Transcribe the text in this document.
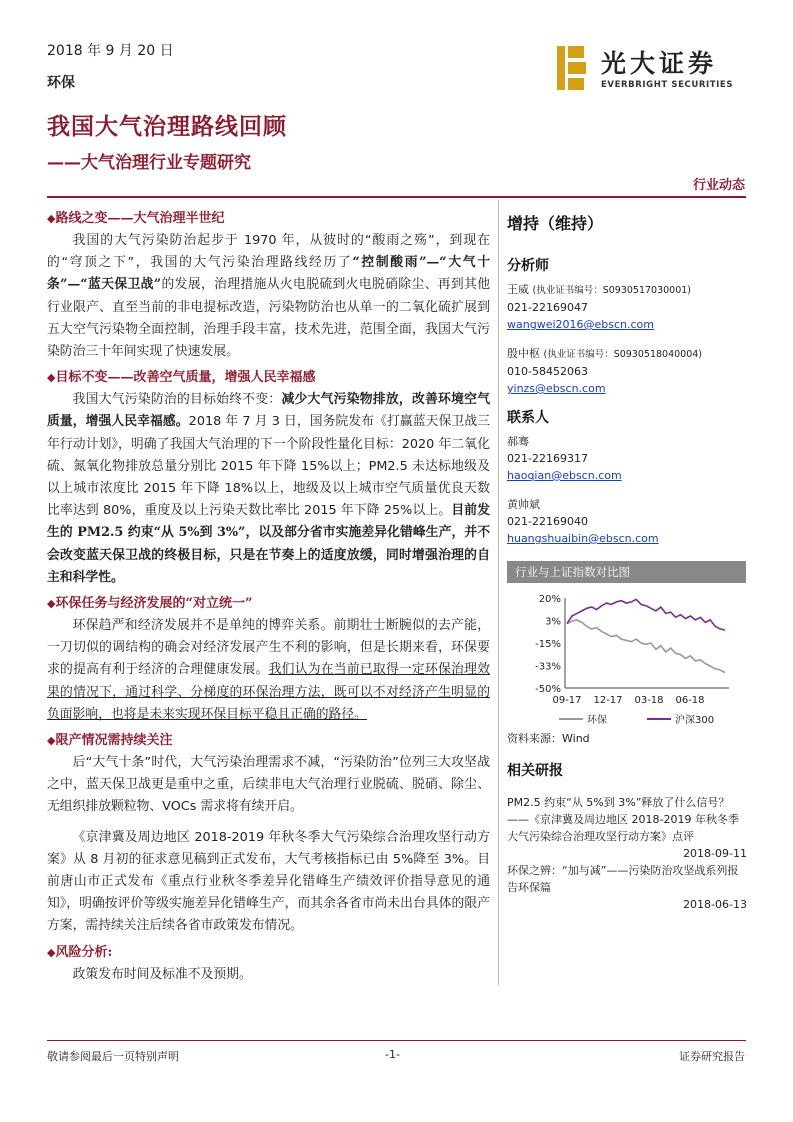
2018 年 9 月 20 日
环保
我国大气治理路线回顾
——大气治理行业专题研究
行业动态
光大证券
EVERBRIGHT SECURITIES
◆路线之变——大气治理半世纪

我国的大气污染防治起步于 1970 年，从彼时的“酸雨之殇”，到现在的“穹顶之下”，我国的大气污染治理路线经历了“控制酸雨”—“大气十条”—“蓝天保卫战”的发展，治理措施从火电脱硫到火电脱硝除尘、再到其他行业限产、直至当前的非电提标改造，污染物防治也从单一的二氧化硫扩展到五大空气污染物全面控制，治理手段丰富，技术先进，范围全面，我国大气污染防治三十年间实现了快速发展。

◆目标不变——改善空气质量，增强人民幸福感

我国大气污染防治的目标始终不变：减少大气污染物排放，改善环境空气质量，增强人民幸福感。2018 年 7 月 3 日，国务院发布《打赢蓝天保卫战三年行动计划》，明确了我国大气治理的下一个阶段性量化目标：2020 年二氧化硫、氮氧化物排放总量分别比 2015 年下降 15%以上；PM2.5 未达标地级及以上城市浓度比 2015 年下降 18%以上，地级及以上城市空气质量优良天数比率达到 80%，重度及以上污染天数比率比 2015 年下降 25%以上。目前发生的 PM2.5 约束“从 5%到 3%”，以及部分省市实施差异化错峰生产，并不会改变蓝天保卫战的终极目标，只是在节奏上的适度放缓，同时增强治理的自主和科学性。

◆环保任务与经济发展的“对立统一”

环保趋严和经济发展并不是单纯的博弈关系。前期壮士断腕似的去产能，一刀切似的调结构的确会对经济发展产生不利的影响，但是长期来看，环保要求的提高有利于经济的合理健康发展。我们认为在当前已取得一定环保治理效果的情况下，通过科学、分梯度的环保治理方法，既可以不对经济产生明显的负面影响，也将是未来实现环保目标平稳且正确的路径。

◆限产情况需持续关注

后“大气十条”时代，大气污染治理需求不减，“污染防治”位列三大攻坚战之中，蓝天保卫战更是重中之重，后续非电大气治理行业脱硫、脱硝、除尘、无组织排放颗粒物、VOCs 需求将有续开启。

《京津冀及周边地区 2018-2019 年秋冬季大气污染综合治理攻坚行动方案》从 8 月初的征求意见稿到正式发布，大气考核指标已由 5%降至 3%。目前唐山市正式发布《重点行业秋冬季差异化错峰生产绩效评价指导意见的通知》，明确按评价等级实施差异化错峰生产，而其余各省市尚未出台具体的限产方案，需持续关注后续各省市政策发布情况。

◆风险分析:

政策发布时间及标准不及预期。

增持（维持）
分析师
王威 (执业证书编号：S0930517030001)
021-22169047
wangwei2016@ebscn.com
殷中枢 (执业证书编号：S0930518040004)
010-58452063
yinzs@ebscn.com
联系人
郝骞
021-22169317
haoqian@ebscn.com
黄帅斌
021-22169040
huangshuaibin@ebscn.com
行业与上证指数对比图
20%
3%
-15%
-33%
-50%
09-17 12-17 03-18 06-18
环保	沪深300
资料来源：Wind
相关研报
PM2.5 约束“从 5%到 3%”释放了什么信号？——《京津冀及周边地区 2018-2019 年秋冬季大气污染综合治理攻坚行动方案》点评
2018-09-11
环保之辨：“加与减”——污染防治攻坚战系列报告环保篇
2018-06-13
敬请参阅最后一页特别声明	-1-	证券研究报告
